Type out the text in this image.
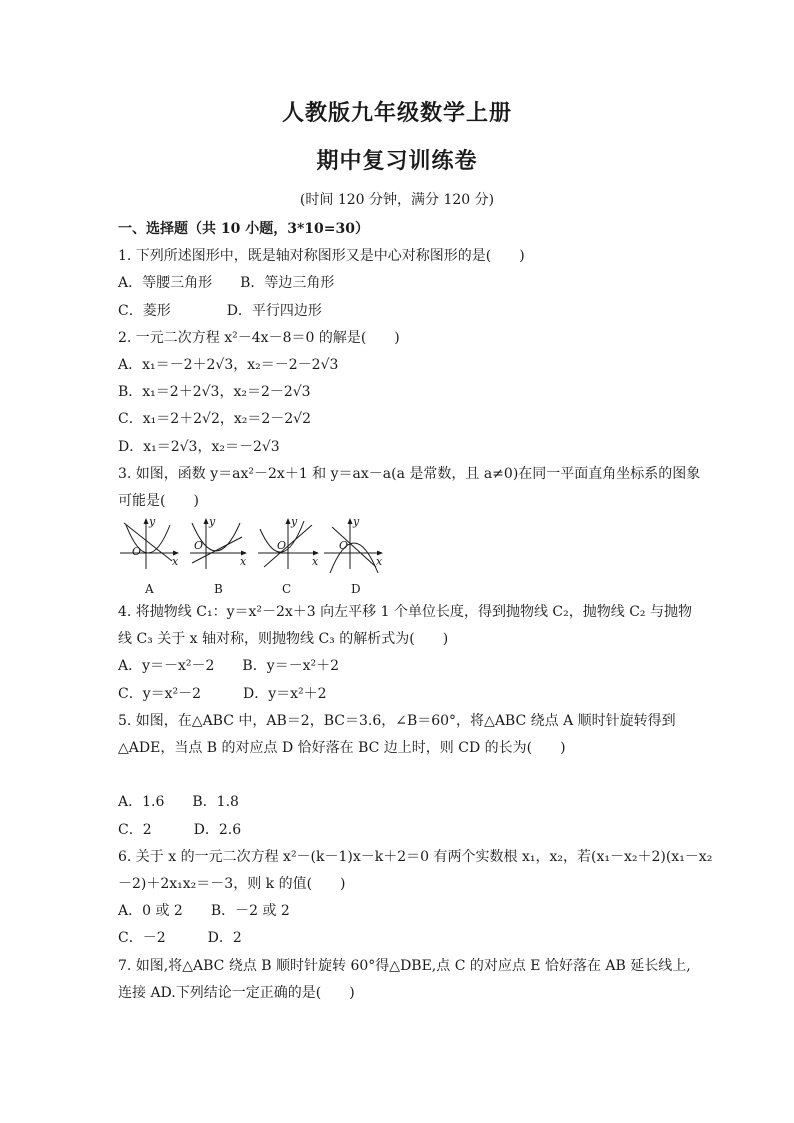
人教版九年级数学上册
期中复习训练卷
(时间 120 分钟，满分 120 分)
一、选择题（共 10 小题，3*10=30）
1. 下列所述图形中，既是轴对称图形又是中心对称图形的是(　　)
A．等腰三角形　　B．等边三角形
C．菱形　　　　D．平行四边形
2. 一元二次方程 x²－4x－8＝0 的解是(　　)
A．x₁＝－2＋2√3，x₂＝－2－2√3
B．x₁＝2＋2√3，x₂＝2－2√3
C．x₁＝2＋2√2，x₂＝2－2√2
D．x₁＝2√3，x₂＝－2√3
3. 如图，函数 y＝ax²－2x＋1 和 y＝ax－a(a 是常数，且 a≠0)在同一平面直角坐标系的图象
可能是(　　)
y
O
x
y
O
x
y
O
x
y
O
x
A	B	C	D
4. 将抛物线 C₁：y＝x²－2x＋3 向左平移 1 个单位长度，得到抛物线 C₂，抛物线 C₂ 与抛物
线 C₃ 关于 x 轴对称，则抛物线 C₃ 的解析式为(　　)
A．y＝－x²－2　　B．y＝－x²＋2
C．y＝x²－2　　　D．y＝x²＋2
5. 如图，在△ABC 中，AB＝2，BC＝3.6，∠B＝60°，将△ABC 绕点 A 顺时针旋转得到
△ADE，当点 B 的对应点 D 恰好落在 BC 边上时，则 CD 的长为(　　)
A．1.6　　B．1.8
C．2　　　D．2.6
6. 关于 x 的一元二次方程 x²－(k－1)x－k＋2＝0 有两个实数根 x₁，x₂，若(x₁－x₂＋2)(x₁－x₂
－2)＋2x₁x₂＝－3，则 k 的值(　　)
A．0 或 2　　B．－2 或 2
C．－2　　　D．2
7. 如图,将△ABC 绕点 B 顺时针旋转 60°得△DBE,点 C 的对应点 E 恰好落在 AB 延长线上,
连接 AD.下列结论一定正确的是(　　)
